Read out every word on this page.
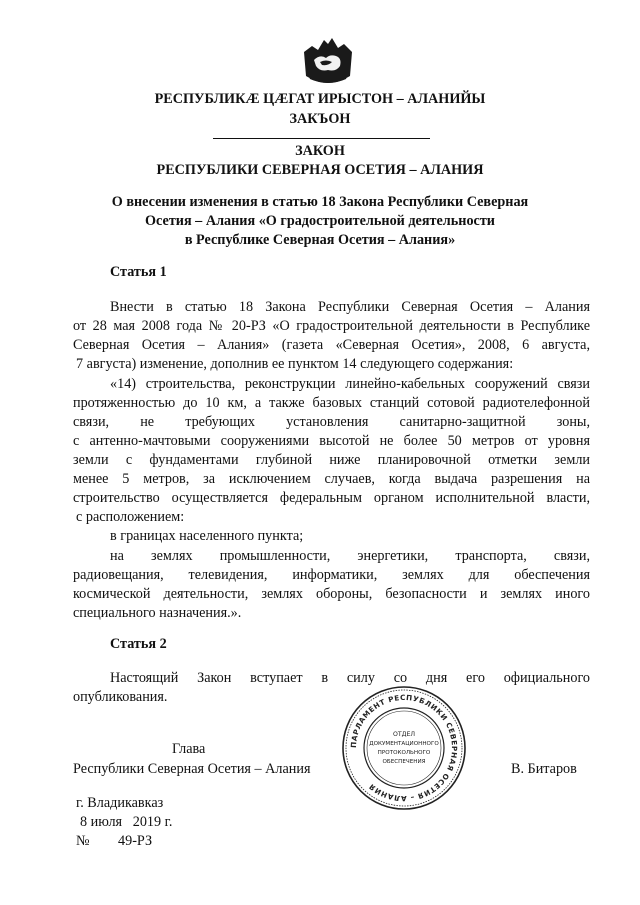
РЕСПУБЛИКÆ ЦÆГАТ ИРЫСТОН – АЛАНИЙЫ
ЗАКЪОН
ЗАКОН
РЕСПУБЛИКИ СЕВЕРНАЯ ОСЕТИЯ – АЛАНИЯ
О внесении изменения в статью 18 Закона Республики Северная
Осетия – Алания «О градостроительной деятельности
в Республике Северная Осетия – Алания»
Статья 1
Внести в статью 18 Закона Республики Северная Осетия – Алания
от 28 мая 2008 года № 20-РЗ «О градостроительной деятельности в Республике
Северная Осетия – Алания» (газета «Северная Осетия», 2008, 6 августа,
7 августа) изменение, дополнив ее пунктом 14 следующего содержания:
«14) строительства, реконструкции линейно-кабельных сооружений связи
протяженностью до 10 км, а также базовых станций сотовой радиотелефонной
связи, не требующих установления санитарно-защитной зоны,
с антенно-мачтовыми сооружениями высотой не более 50 метров от уровня
земли с фундаментами глубиной ниже планировочной отметки земли
менее 5 метров, за исключением случаев, когда выдача разрешения на
строительство осуществляется федеральным органом исполнительной власти,
с расположением:
в границах населенного пункта;
на землях промышленности, энергетики, транспорта, связи,
радиовещания, телевидения, информатики, землях для обеспечения
космической деятельности, землях обороны, безопасности и землях иного
специального назначения.».
Статья 2
Настоящий Закон вступает в силу со дня его официального
опубликования.
Глава
Республики Северная Осетия – Алания	В. Битаров
ПАРЛАМЕНТ РЕСПУБЛИКИ СЕВЕРНАЯ ОСЕТИЯ – АЛАНИЯ
ОТДЕЛ
ДОКУМЕНТАЦИОННОГО
ПРОТОКОЛЬНОГО
ОБЕСПЕЧЕНИЯ
г. Владикавказ
8 июля   2019 г.
№ 49-РЗ
